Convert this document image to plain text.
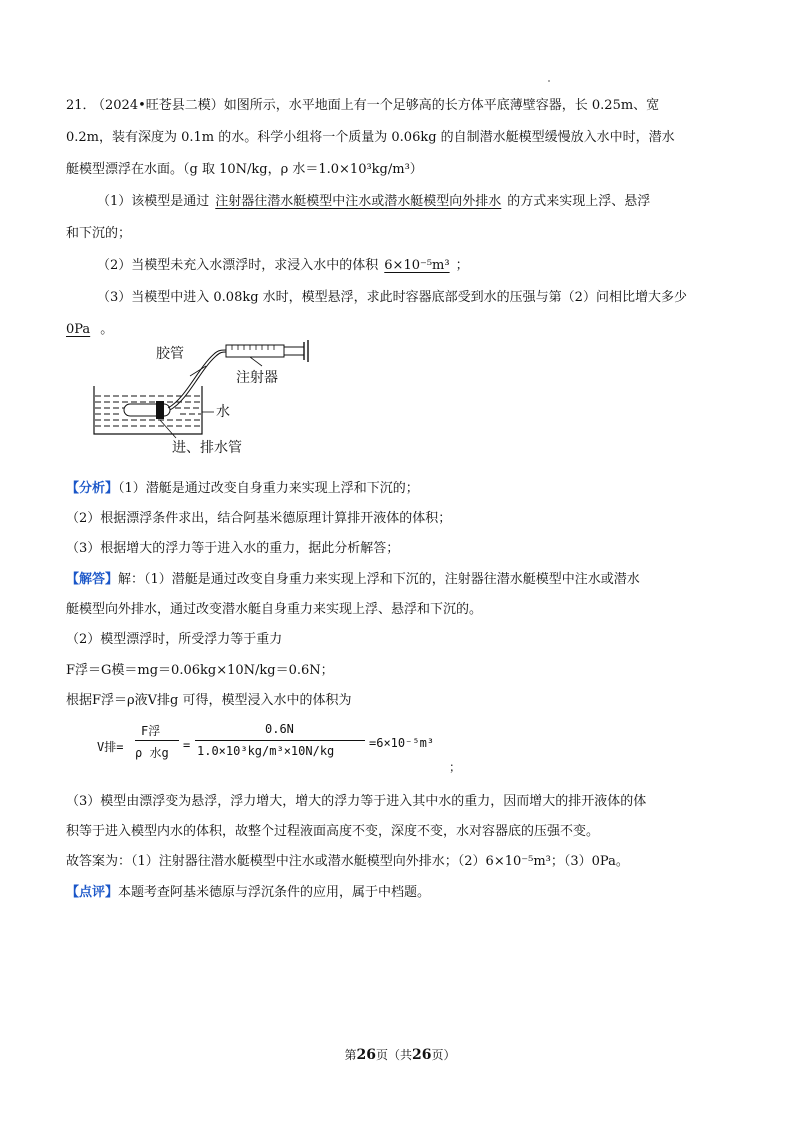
21．
（2024•旺苍县二模）如图所示，水平地面上有一个足够高的长方体平底薄壁容器，长 0.25m、宽
0.2m，装有深度为 0.1m 的水。科学小组将一个质量为 0.06kg 的自制潜水艇模型缓慢放入水中时，潜水
艇模型漂浮在水面。（g 取 10N/kg，ρ 水＝1.0×10³kg/m³）
（1）该模型是通过 注射器往潜水艇模型中注水或潜水艇模型向外排水 的方式来实现上浮、悬浮
和下沉的；
（2）当模型未充入水漂浮时，求浸入水中的体积 6×10⁻⁵m³ ；
（3）当模型中进入 0.08kg 水时，模型悬浮，求此时容器底部受到水的压强与第（2）问相比增大多少
0Pa 。
胶管
注射器
水
进、排水管
【分析】（1）潜艇是通过改变自身重力来实现上浮和下沉的；
（2）根据漂浮条件求出，结合阿基米德原理计算排开液体的体积；
（3）根据增大的浮力等于进入水的重力，据此分析解答；
【解答】解：（1）潜艇是通过改变自身重力来实现上浮和下沉的，注射器往潜水艇模型中注水或潜水
艇模型向外排水，通过改变潜水艇自身重力来实现上浮、悬浮和下沉的。
（2）模型漂浮时，所受浮力等于重力
F浮＝G模＝mg＝0.06kg×10N/kg＝0.6N；
根据F浮＝ρ液V排g 可得，模型浸入水中的体积为
V排=
F浮
ρ 水g
=
0.6N
1.0×10³kg/m³×10N/kg
=6×10⁻⁵m³
；
（3）模型由漂浮变为悬浮，浮力增大，增大的浮力等于进入其中水的重力，因而增大的排开液体的体
积等于进入模型内水的体积，故整个过程液面高度不变，深度不变，水对容器底的压强不变。
故答案为：（1）注射器往潜水艇模型中注水或潜水艇模型向外排水；（2）6×10⁻⁵m³；（3）0Pa。
【点评】本题考查阿基米德原与浮沉条件的应用，属于中档题。
第26页（共26页）
